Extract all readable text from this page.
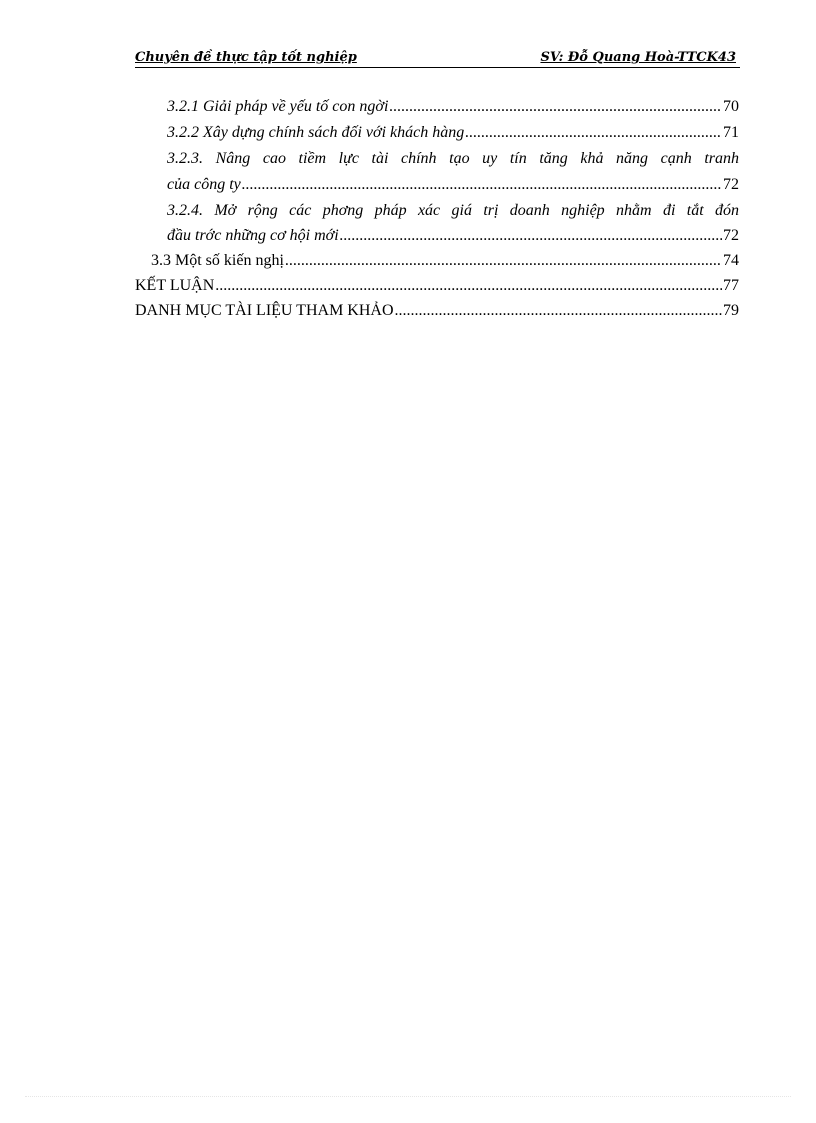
Chuyên đề thực tập tốt nghiệp	SV: Đỗ Quang Hoà-TTCK43
3.2.1 Giải pháp về yếu tố con ngời .....	70
3.2.2 Xây dựng chính sách đối với khách hàng .....	71
3.2.3. Nâng cao tiềm lực tài chính tạo uy tín tăng khả năng cạnh tranh
của công ty .....	72
3.2.4. Mở rộng các phơng pháp xác giá trị doanh nghiệp nhằm đi tắt đón
đầu trớc những cơ hội mới .....	72
3.3 Một số kiến nghị .....	74
KẾT LUẬN .....	77
DANH MỤC TÀI LIỆU THAM KHẢO .....	79
